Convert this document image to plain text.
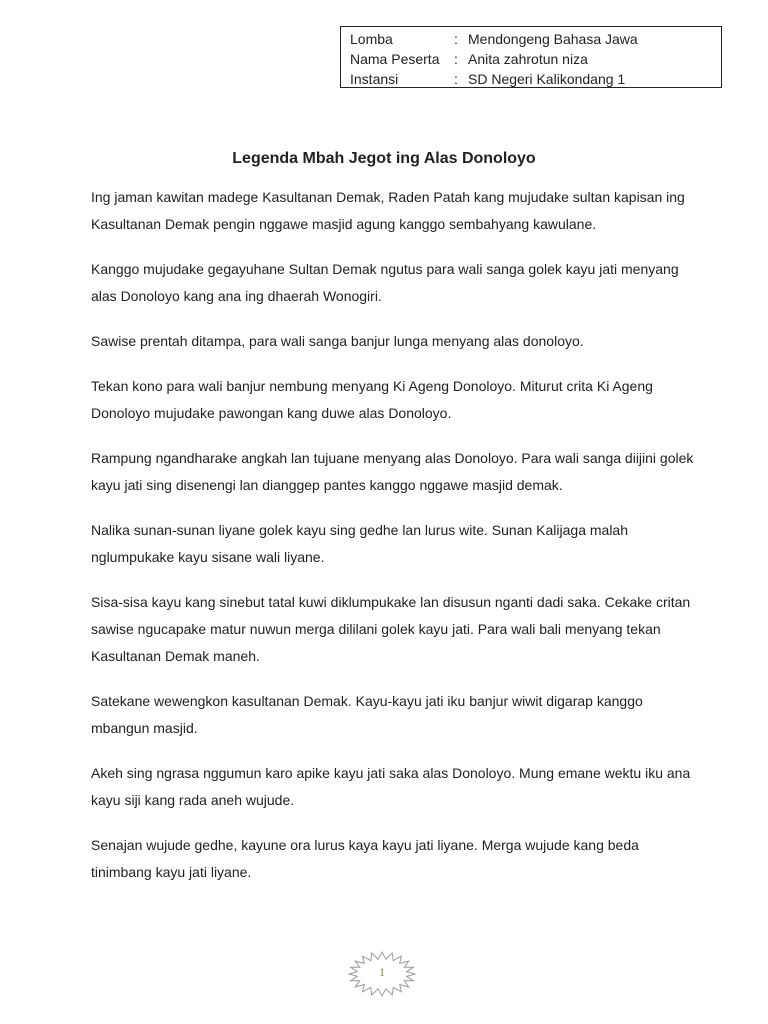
Lomba	: Mendongeng Bahasa Jawa
Nama Peserta	: Anita zahrotun niza
Instansi	: SD Negeri Kalikondang 1
Legenda Mbah Jegot ing Alas Donoloyo

Ing jaman kawitan madege Kasultanan Demak, Raden Patah kang mujudake sultan kapisan ing Kasultanan Demak pengin nggawe masjid agung kanggo sembahyang kawulane.

Kanggo mujudake gegayuhane Sultan Demak ngutus para wali sanga golek kayu jati menyang alas Donoloyo kang ana ing dhaerah Wonogiri.

Sawise prentah ditampa, para wali sanga banjur lunga menyang alas donoloyo.

Tekan kono para wali banjur nembung menyang Ki Ageng Donoloyo. Miturut crita Ki Ageng Donoloyo mujudake pawongan kang duwe alas Donoloyo.

Rampung ngandharake angkah lan tujuane menyang alas Donoloyo. Para wali sanga diijini golek kayu jati sing disenengi lan dianggep pantes kanggo nggawe masjid demak.

Nalika sunan-sunan liyane golek kayu sing gedhe lan lurus wite. Sunan Kalijaga malah nglumpukake kayu sisane wali liyane.

Sisa-sisa kayu kang sinebut tatal kuwi diklumpukake lan disusun nganti dadi saka. Cekake critan sawise ngucapake matur nuwun merga dililani golek kayu jati. Para wali bali menyang tekan Kasultanan Demak maneh.

Satekane wewengkon kasultanan Demak. Kayu-kayu jati iku banjur wiwit digarap kanggo mbangun masjid.

Akeh sing ngrasa nggumun karo apike kayu jati saka alas Donoloyo. Mung emane wektu iku ana kayu siji kang rada aneh wujude.

Senajan wujude gedhe, kayune ora lurus kaya kayu jati liyane. Merga wujude kang beda tinimbang kayu jati liyane.

1
